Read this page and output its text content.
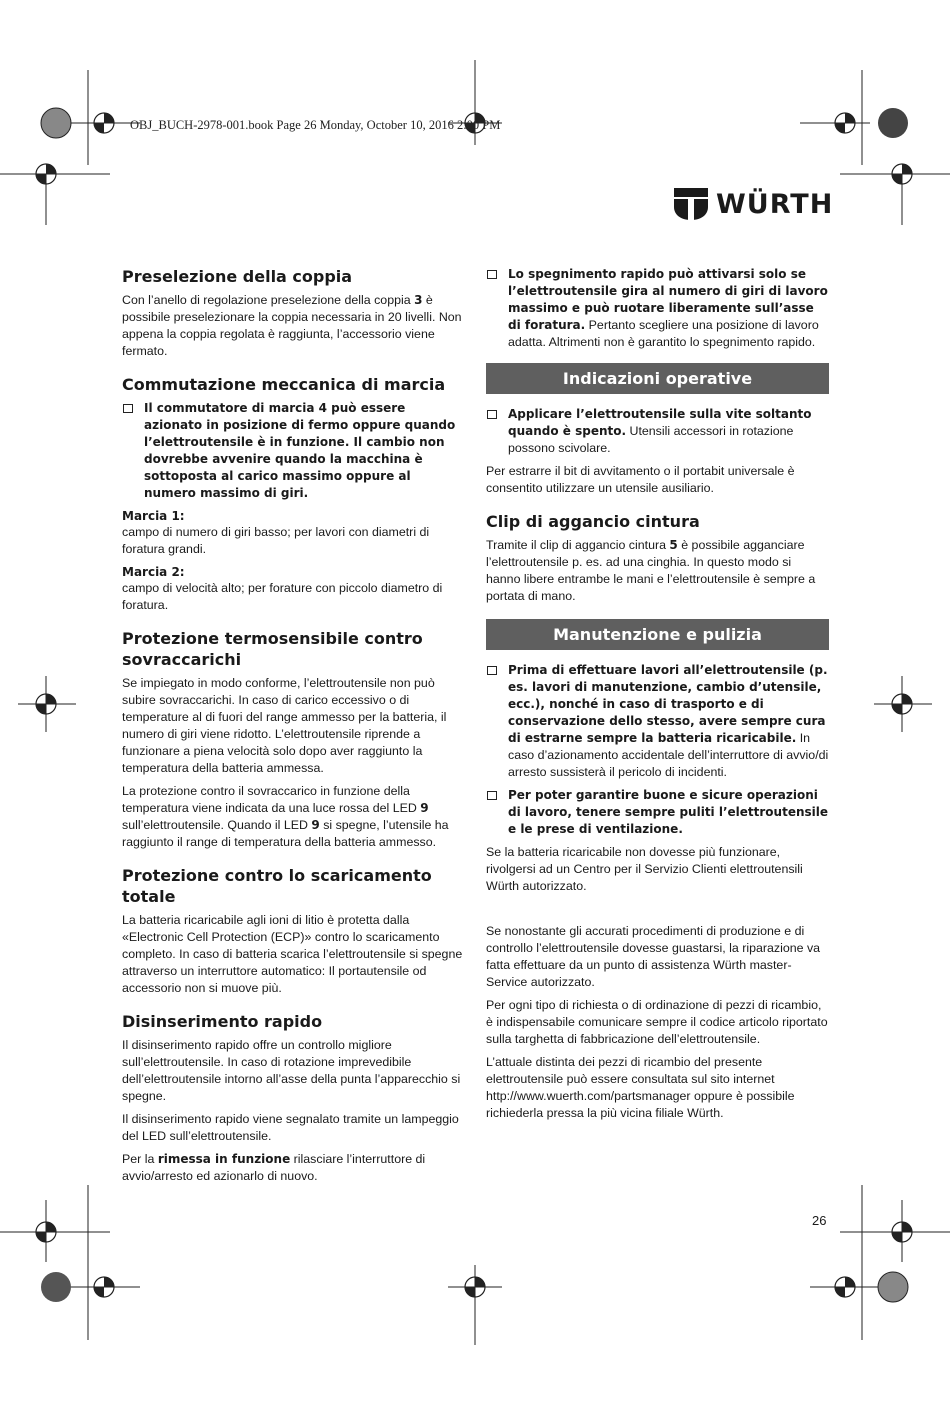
OBJ_BUCH-2978-001.book Page 26 Monday, October 10, 2016 2:00 PM
WÜRTH
Preselezione della coppia

Con l’anello di regolazione preselezione della coppia 3 è possibile preselezionare la coppia necessaria in 20 livelli. Non appena la coppia regolata è raggiunta, l’accessorio viene fermato.

Commutazione meccanica di marcia
Il commutatore di marcia 4 può essere azionato in posizione di fermo oppure quando l’elettroutensile è in funzione. Il cambio non dovrebbe avvenire quando la macchina è sottoposta al carico massimo oppure al numero massimo di giri.
Marcia 1:

campo di numero di giri basso; per lavori con diametri di foratura grandi.

Marcia 2:

campo di velocità alto; per forature con piccolo diametro di foratura.

Protezione termosensibile contro sovraccarichi

Se impiegato in modo conforme, l’elettroutensile non può subire sovraccarichi. In caso di carico eccessivo o di temperature al di fuori del range ammesso per la batteria, il numero di giri viene ridotto. L’elettroutensile riprende a funzionare a piena velocità solo dopo aver raggiunto la temperatura della batteria ammessa.

La protezione contro il sovraccarico in funzione della temperatura viene indicata da una luce rossa del LED 9 sull’elettroutensile. Quando il LED 9 si spegne, l’utensile ha raggiunto il range di temperatura della batteria ammesso.

Protezione contro lo scaricamento totale

La batteria ricaricabile agli ioni di litio è protetta dalla «Electronic Cell Protection (ECP)» contro lo scaricamento completo. In caso di batteria scarica l’elettroutensile si spegne attraverso un interruttore automatico: Il portautensile od accessorio non si muove più.

Disinserimento rapido

Il disinserimento rapido offre un controllo migliore sull’elettroutensile. In caso di rotazione imprevedibile dell’elettroutensile intorno all’asse della punta l’apparecchio si spegne.

Il disinserimento rapido viene segnalato tramite un lampeggio del LED sull’elettroutensile.

Per la rimessa in funzione rilasciare l’interruttore di avvio/arresto ed azionarlo di nuovo.

Lo spegnimento rapido può attivarsi solo se l’elettroutensile gira al numero di giri di lavoro massimo e può ruotare liberamente sull’asse di foratura. Pertanto scegliere una posizione di lavoro adatta. Altrimenti non è garantito lo spegnimento rapido.
Indicazioni operative
Applicare l’elettroutensile sulla vite soltanto quando è spento. Utensili accessori in rotazione possono scivolare.

Per estrarre il bit di avvitamento o il portabit universale è consentito utilizzare un utensile ausiliario.

Clip di aggancio cintura

Tramite il clip di aggancio cintura 5 è possibile agganciare l’elettroutensile p. es. ad una cinghia. In questo modo si hanno libere entrambe le mani e l’elettroutensile è sempre a portata di mano.

Manutenzione e pulizia
Prima di effettuare lavori all’elettroutensile (p. es. lavori di manutenzione, cambio d’utensile, ecc.), nonché in caso di trasporto e di conservazione dello stesso, avere sempre cura di estrarne sempre la batteria ricaricabile. In caso d’azionamento accidentale dell’interruttore di avvio/di arresto sussisterà il pericolo di incidenti.
Per poter garantire buone e sicure operazioni di lavoro, tenere sempre puliti l’elettroutensile e le prese di ventilazione.

Se la batteria ricaricabile non dovesse più funzionare, rivolgersi ad un Centro per il Servizio Clienti elettroutensili Würth autorizzato.

Se nonostante gli accurati procedimenti di produzione e di controllo l’elettroutensile dovesse guastarsi, la riparazione va fatta effettuare da un punto di assistenza Würth master-Service autorizzato.

Per ogni tipo di richiesta o di ordinazione di pezzi di ricambio, è indispensabile comunicare sempre il codice articolo riportato sulla targhetta di fabbricazione dell’elettroutensile.

L’attuale distinta dei pezzi di ricambio del presente elettroutensile può essere consultata sul sito internet http://www.wuerth.com/partsmanager oppure è possibile richiederla pressa la più vicina filiale Würth.

26
